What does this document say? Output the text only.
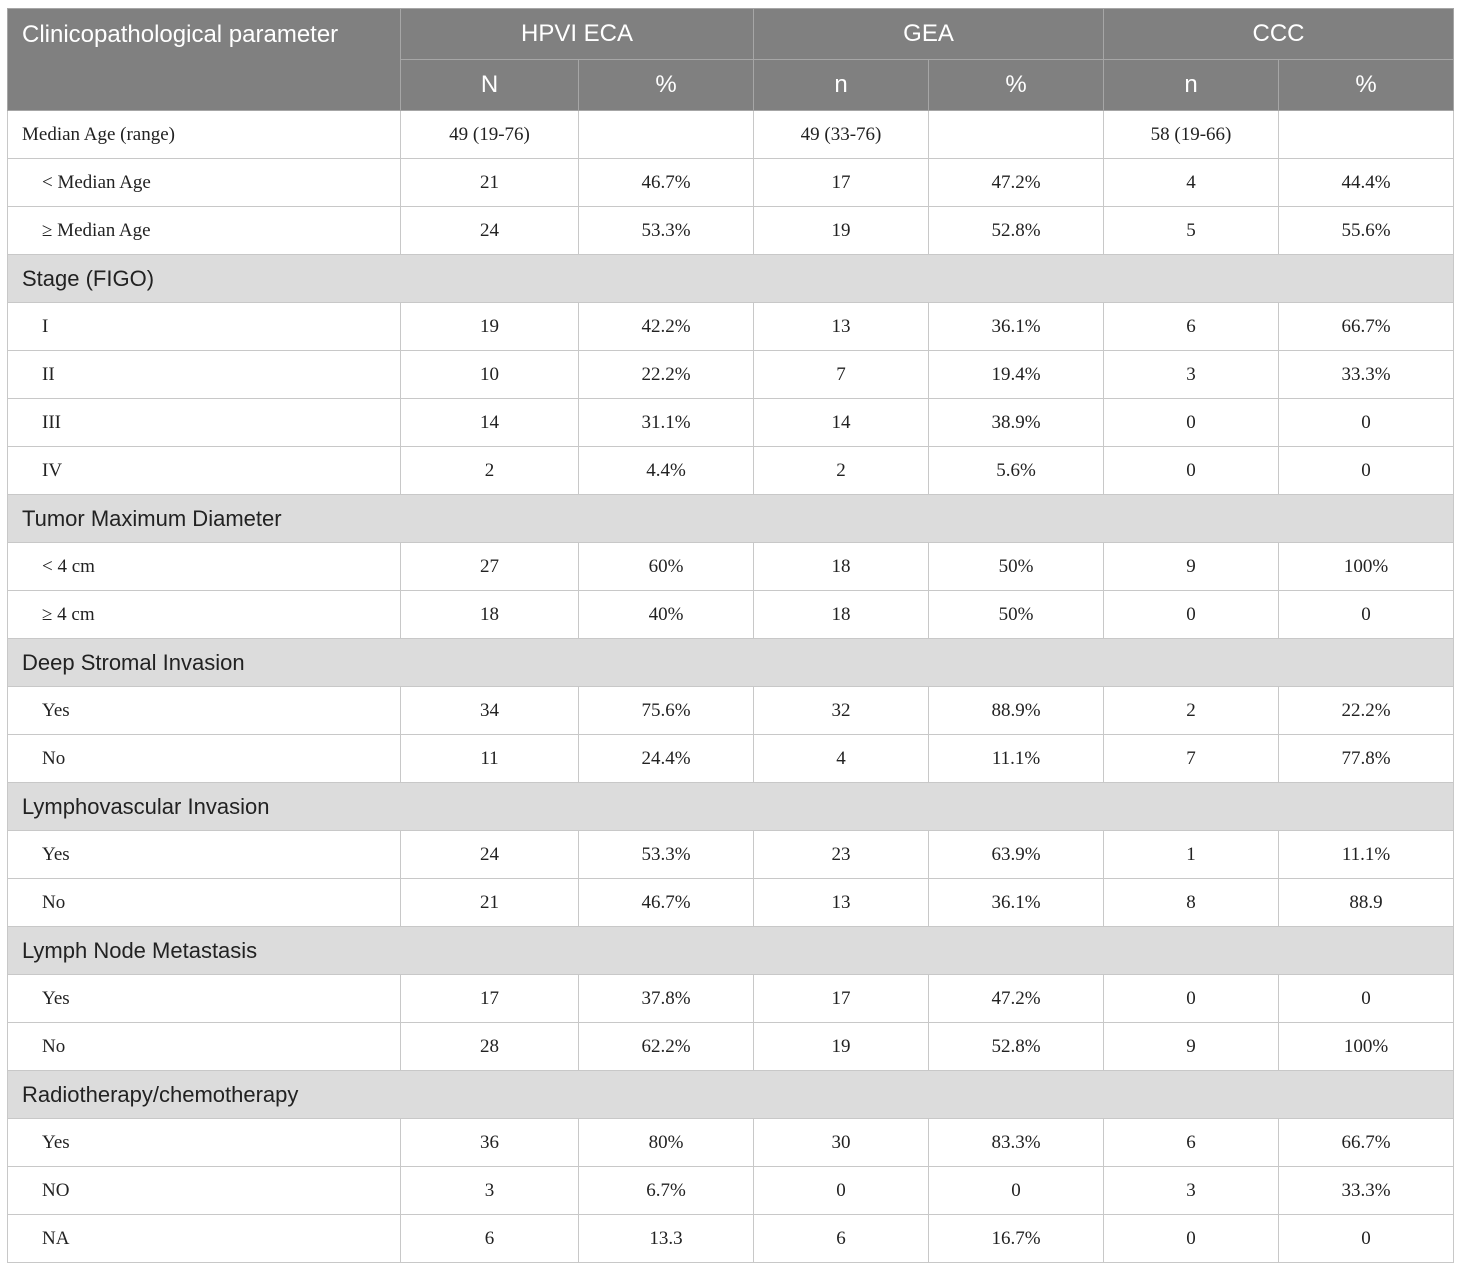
Clinicopathological parameter	HPVI ECA		GEA		CCC	
	N	%	n	%	n	%
Median Age (range)	49 (19-76)		49 (33-76)		58 (19-66)	
< Median Age	21	46.7%	17	47.2%	4	44.4%
≥ Median Age	24	53.3%	19	52.8%	5	55.6%
Stage (FIGO)						
I	19	42.2%	13	36.1%	6	66.7%
II	10	22.2%	7	19.4%	3	33.3%
III	14	31.1%	14	38.9%	0	0
IV	2	4.4%	2	5.6%	0	0
Tumor Maximum Diameter						
< 4 cm	27	60%	18	50%	9	100%
≥ 4 cm	18	40%	18	50%	0	0
Deep Stromal Invasion						
Yes	34	75.6%	32	88.9%	2	22.2%
No	11	24.4%	4	11.1%	7	77.8%
Lymphovascular Invasion						
Yes	24	53.3%	23	63.9%	1	11.1%
No	21	46.7%	13	36.1%	8	88.9
Lymph Node Metastasis						
Yes	17	37.8%	17	47.2%	0	0
No	28	62.2%	19	52.8%	9	100%
Radiotherapy/chemotherapy						
Yes	36	80%	30	83.3%	6	66.7%
NO	3	6.7%	0	0	3	33.3%
NA	6	13.3	6	16.7%	0	0
